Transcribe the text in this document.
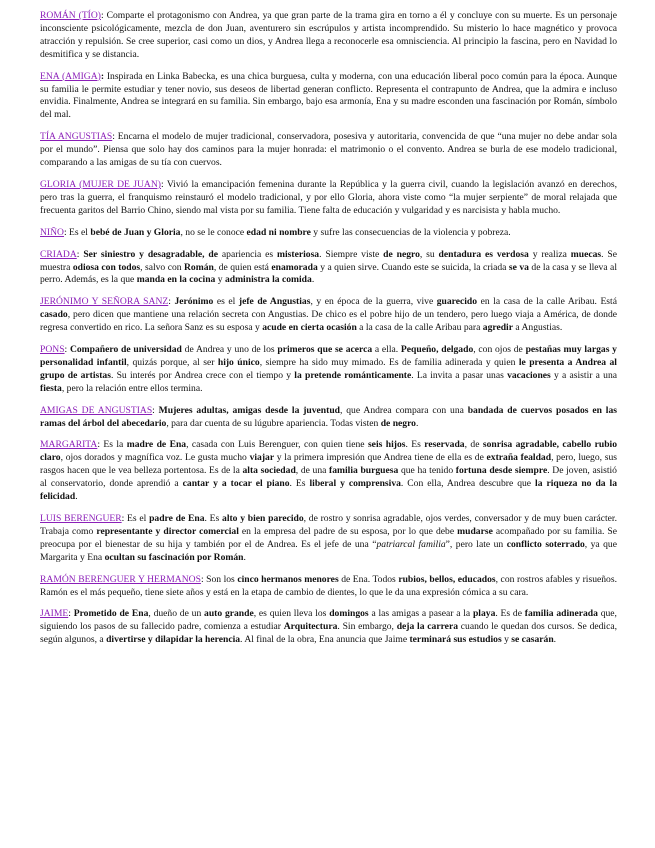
ROMÁN (TÍO): Comparte el protagonismo con Andrea, ya que gran parte de la trama gira en torno a él y concluye con su muerte. Es un personaje inconsciente psicológicamente, mezcla de don Juan, aventurero sin escrúpulos y artista incomprendido. Su misterio lo hace magnético y provoca atracción y repulsión. Se cree superior, casi como un dios, y Andrea llega a reconocerle esa omnisciencia. Al principio la fascina, pero en Navidad lo desmitifica y se distancia.

ENA (AMIGA): Inspirada en Linka Babecka, es una chica burguesa, culta y moderna, con una educación liberal poco común para la época. Aunque su familia le permite estudiar y tener novio, sus deseos de libertad generan conflicto. Representa el contrapunto de Andrea, que la admira e incluso envidia. Finalmente, Andrea se integrará en su familia. Sin embargo, bajo esa armonía, Ena y su madre esconden una fascinación por Román, símbolo del mal.

TÍA ANGUSTIAS: Encarna el modelo de mujer tradicional, conservadora, posesiva y autoritaria, convencida de que “una mujer no debe andar sola por el mundo”. Piensa que solo hay dos caminos para la mujer honrada: el matrimonio o el convento. Andrea se burla de ese modelo tradicional, comparando a las amigas de su tía con cuervos.

GLORIA (MUJER DE JUAN): Vivió la emancipación femenina durante la República y la guerra civil, cuando la legislación avanzó en derechos, pero tras la guerra, el franquismo reinstauró el modelo tradicional, y por ello Gloria, ahora viste como “la mujer serpiente” de moral relajada que frecuenta garitos del Barrio Chino, siendo mal vista por su familia. Tiene falta de educación y vulgaridad y es narcisista y habla mucho.

NIÑO: Es el bebé de Juan y Gloria, no se le conoce edad ni nombre y sufre las consecuencias de la violencia y pobreza.

CRIADA: Ser siniestro y desagradable, de apariencia es misteriosa. Siempre viste de negro, su dentadura es verdosa y realiza muecas. Se muestra odiosa con todos, salvo con Román, de quien está enamorada y a quien sirve. Cuando este se suicida, la criada se va de la casa y se lleva al perro. Además, es la que manda en la cocina y administra la comida.

JERÓNIMO Y SEÑORA SANZ: Jerónimo es el jefe de Angustias, y en época de la guerra, vive guarecido en la casa de la calle Aribau. Está casado, pero dicen que mantiene una relación secreta con Angustias. De chico es el pobre hijo de un tendero, pero luego viaja a América, de donde regresa convertido en rico. La señora Sanz es su esposa y acude en cierta ocasión a la casa de la calle Aribau para agredir a Angustias.

PONS: Compañero de universidad de Andrea y uno de los primeros que se acerca a ella. Pequeño, delgado, con ojos de pestañas muy largas y personalidad infantil, quizás porque, al ser hijo único, siempre ha sido muy mimado. Es de familia adinerada y quien le presenta a Andrea al grupo de artistas. Su interés por Andrea crece con el tiempo y la pretende románticamente. La invita a pasar unas vacaciones y a asistir a una fiesta, pero la relación entre ellos termina.

AMIGAS DE ANGUSTIAS: Mujeres adultas, amigas desde la juventud, que Andrea compara con una bandada de cuervos posados en las ramas del árbol del abecedario, para dar cuenta de su lúgubre apariencia. Todas visten de negro.

MARGARITA: Es la madre de Ena, casada con Luis Berenguer, con quien tiene seis hijos. Es reservada, de sonrisa agradable, cabello rubio claro, ojos dorados y magnífica voz. Le gusta mucho viajar y la primera impresión que Andrea tiene de ella es de extraña fealdad, pero, luego, sus rasgos hacen que le vea belleza portentosa. Es de la alta sociedad, de una familia burguesa que ha tenido fortuna desde siempre. De joven, asistió al conservatorio, donde aprendió a cantar y a tocar el piano. Es liberal y comprensiva. Con ella, Andrea descubre que la riqueza no da la felicidad.

LUIS BERENGUER: Es el padre de Ena. Es alto y bien parecido, de rostro y sonrisa agradable, ojos verdes, conversador y de muy buen carácter. Trabaja como representante y director comercial en la empresa del padre de su esposa, por lo que debe mudarse acompañado por su familia. Se preocupa por el bienestar de su hija y también por el de Andrea. Es el jefe de una “patriarcal familia”, pero late un conflicto soterrado, ya que Margarita y Ena ocultan su fascinación por Román.

RAMÓN BERENGUER Y HERMANOS: Son los cinco hermanos menores de Ena. Todos rubios, bellos, educados, con rostros afables y risueños. Ramón es el más pequeño, tiene siete años y está en la etapa de cambio de dientes, lo que le da una expresión cómica a su cara.

JAIME: Prometido de Ena, dueño de un auto grande, es quien lleva los domingos a las amigas a pasear a la playa. Es de familia adinerada que, siguiendo los pasos de su fallecido padre, comienza a estudiar Arquitectura. Sin embargo, deja la carrera cuando le quedan dos cursos. Se dedica, según algunos, a divertirse y dilapidar la herencia. Al final de la obra, Ena anuncia que Jaime terminará sus estudios y se casarán.
